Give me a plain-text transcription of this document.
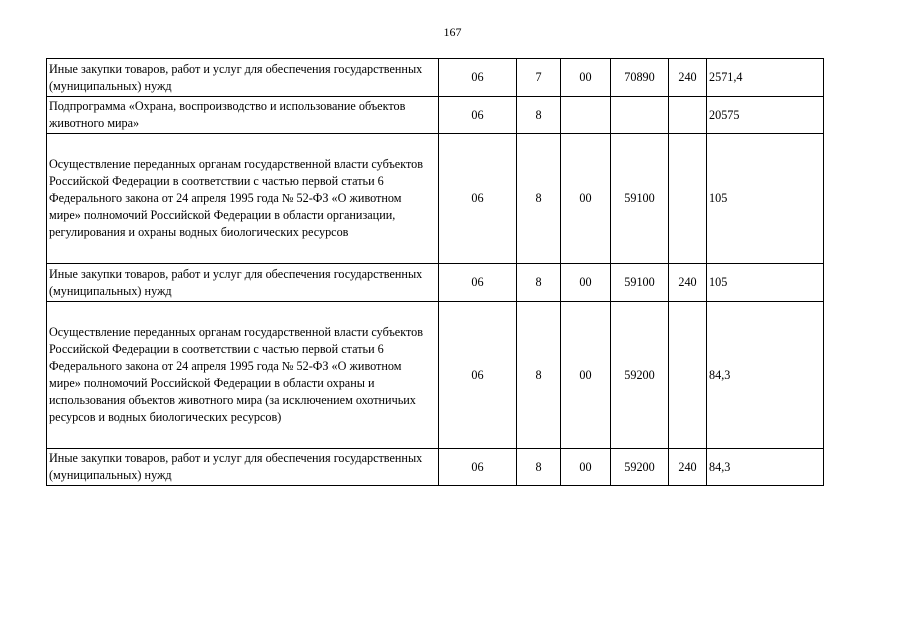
167
Иные закупки товаров, работ и услуг для обеспечения государственных (муниципальных) нужд	06	7	00	70890	240	2571,4
Подпрограмма «Охрана, воспроизводство и использование объектов животного мира»	06	8				20575
Осуществление переданных органам государственной власти субъектов Российской Федерации в соответствии с частью первой статьи 6 Федерального закона от 24 апреля 1995 года № 52-ФЗ «О животном мире» полномочий Российской Федерации в области организации, регулирования и охраны водных биологических ресурсов	06	8	00	59100		105
Иные закупки товаров, работ и услуг для обеспечения государственных (муниципальных) нужд	06	8	00	59100	240	105
Осуществление переданных органам государственной власти субъектов Российской Федерации в соответствии с частью первой статьи 6 Федерального закона от 24 апреля 1995 года № 52-ФЗ «О животном мире» полномочий Российской Федерации в области охраны и использования объектов животного мира (за исключением охотничьих ресурсов и водных биологических ресурсов)	06	8	00	59200		84,3
Иные закупки товаров, работ и услуг для обеспечения государственных (муниципальных) нужд	06	8	00	59200	240	84,3
